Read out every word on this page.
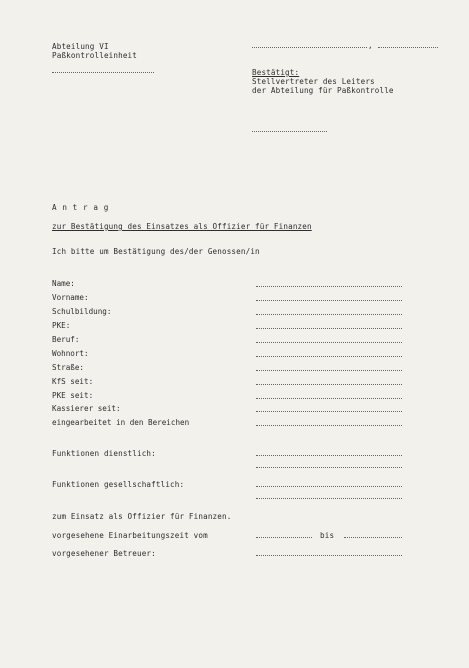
Abteilung VI
Paßkontrolleinheit
,
Bestätigt:
Stellvertreter des Leiters
der Abteilung für Paßkontrolle
A n t r a g
zur Bestätigung des Einsatzes als Offizier für Finanzen
Ich bitte um Bestätigung des/der Genossen/in
Name:
Vorname:
Schulbildung:
PKE:
Beruf:
Wohnort:
Straße:
KfS seit:
PKE seit:
Kassierer seit:
eingearbeitet in den Bereichen
Funktionen dienstlich:
Funktionen gesellschaftlich:
zum Einsatz als Offizier für Finanzen.
vorgesehene Einarbeitungszeit vom	bis
vorgesehener Betreuer:
